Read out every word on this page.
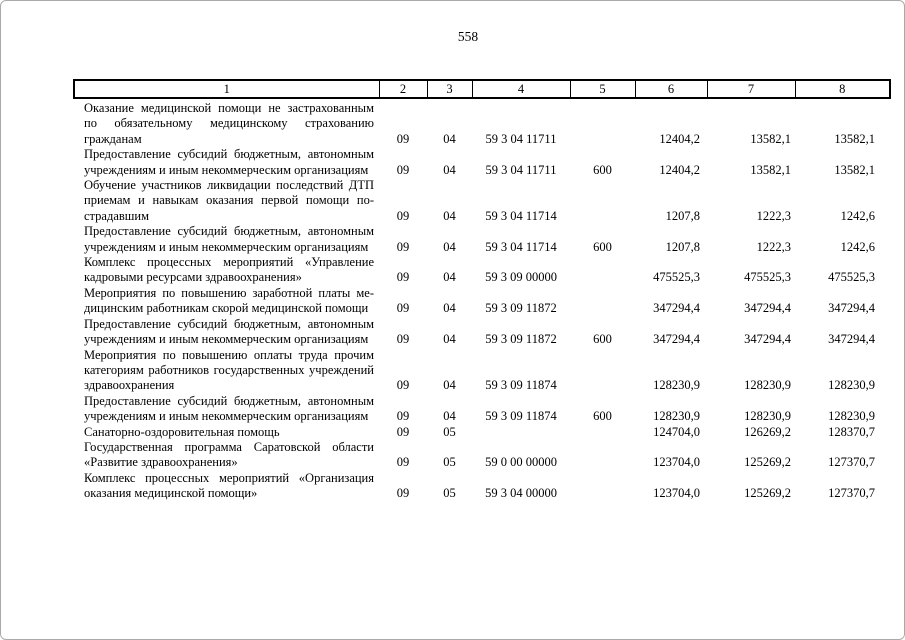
558
1	2	3	4	5	6	7	8
Оказание медицинской помощи не застрахованным по обязательному медицинскому страхованию гражданам	09	04	59 3 04 11711		12404,2	13582,1	13582,1
Предоставление субсидий бюджетным, автономным учреждениям и иным некоммерческим организациям	09	04	59 3 04 11711	600	12404,2	13582,1	13582,1
Обучение участников ликвидации последствий ДТП приемам и навыкам оказания первой помощи пострадавшим	09	04	59 3 04 11714		1207,8	1222,3	1242,6
Предоставление субсидий бюджетным, автономным учреждениям и иным некоммерческим организациям	09	04	59 3 04 11714	600	1207,8	1222,3	1242,6
Комплекс процессных мероприятий «Управление кадровыми ресурсами здравоохранения»	09	04	59 3 09 00000		475525,3	475525,3	475525,3
Мероприятия по повышению заработной платы медицинским работникам скорой медицинской помощи	09	04	59 3 09 11872		347294,4	347294,4	347294,4
Предоставление субсидий бюджетным, автономным учреждениям и иным некоммерческим организациям	09	04	59 3 09 11872	600	347294,4	347294,4	347294,4
Мероприятия по повышению оплаты труда прочим категориям работников государственных учреждений здравоохранения	09	04	59 3 09 11874		128230,9	128230,9	128230,9
Предоставление субсидий бюджетным, автономным учреждениям и иным некоммерческим организациям	09	04	59 3 09 11874	600	128230,9	128230,9	128230,9
Санаторно-оздоровительная помощь	09	05			124704,0	126269,2	128370,7
Государственная программа Саратовской области «Развитие здравоохранения»	09	05	59 0 00 00000		123704,0	125269,2	127370,7
Комплекс процессных мероприятий «Организация оказания медицинской помощи»	09	05	59 3 04 00000		123704,0	125269,2	127370,7
